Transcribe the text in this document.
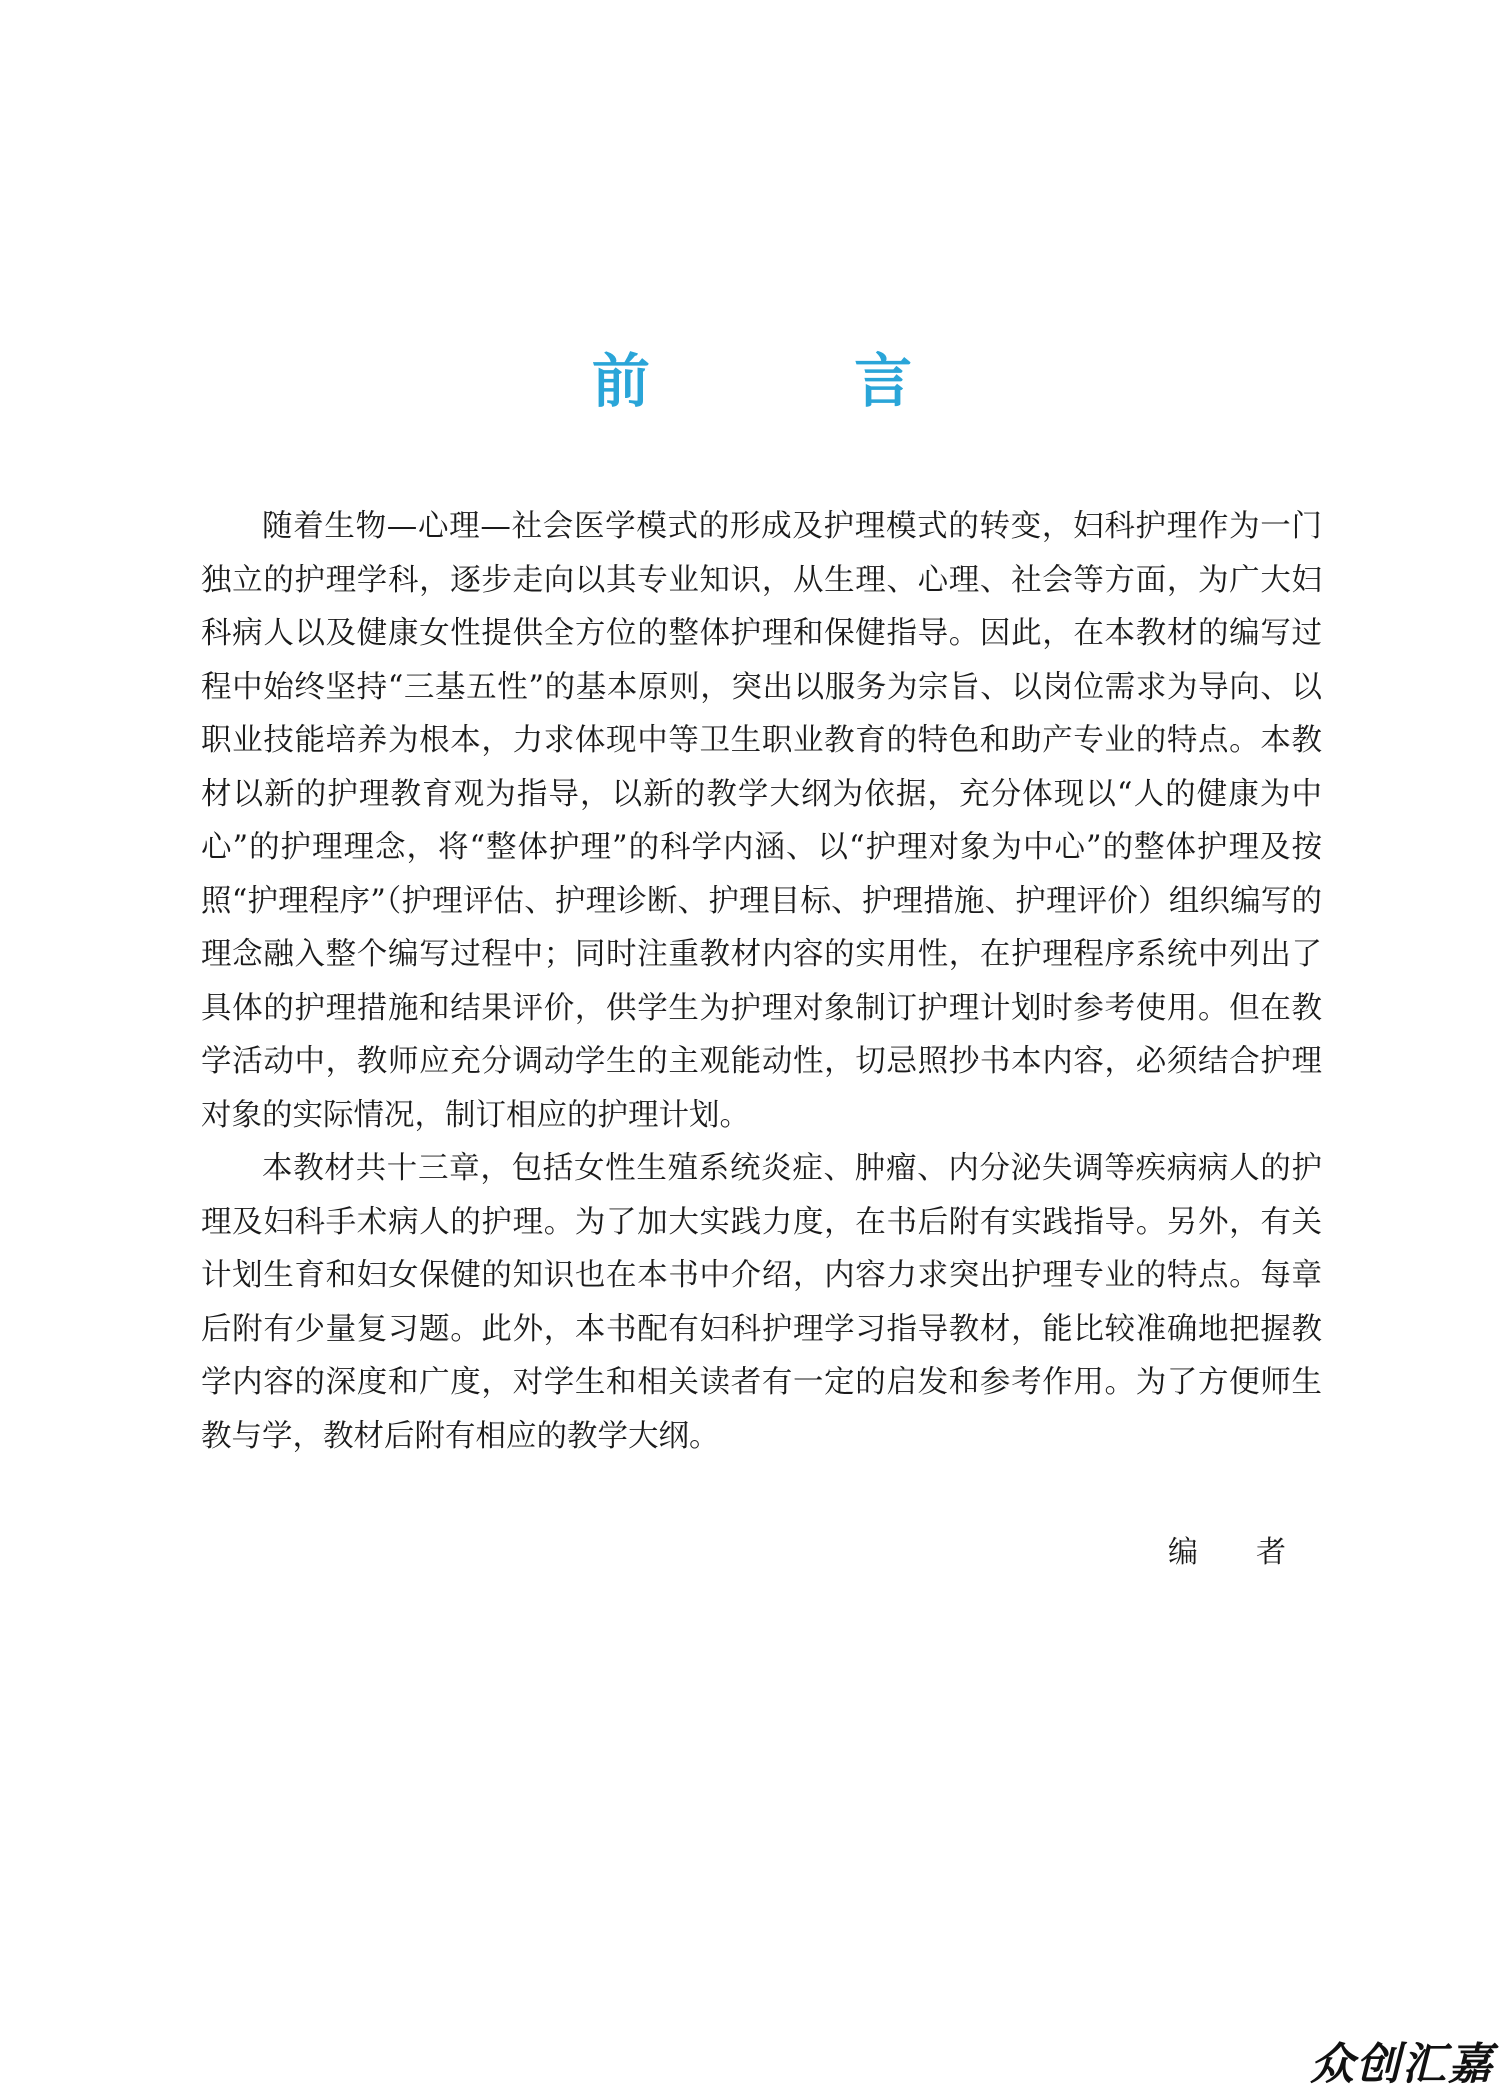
前 言

随着生物—心理—社会医学模式的形成及护理模式的转变，妇科护理作为一门独立的护理学科，逐步走向以其专业知识，从生理、心理、社会等方面，为广大妇科病人以及健康女性提供全方位的整体护理和保健指导。因此，在本教材的编写过程中始终坚持“三基五性”的基本原则，突出以服务为宗旨、以岗位需求为导向、以职业技能培养为根本，力求体现中等卫生职业教育的特色和助产专业的特点。本教材以新的护理教育观为指导，以新的教学大纲为依据，充分体现以“人的健康为中心”的护理理念，将“整体护理”的科学内涵、以“护理对象为中心”的整体护理及按照“护理程序”（护理评估、护理诊断、护理目标、护理措施、护理评价）组织编写的理念融入整个编写过程中；同时注重教材内容的实用性，在护理程序系统中列出了具体的护理措施和结果评价，供学生为护理对象制订护理计划时参考使用。但在教学活动中，教师应充分调动学生的主观能动性，切忌照抄书本内容，必须结合护理对象的实际情况，制订相应的护理计划。

本教材共十三章，包括女性生殖系统炎症、肿瘤、内分泌失调等疾病病人的护理及妇科手术病人的护理。为了加大实践力度，在书后附有实践指导。另外，有关计划生育和妇女保健的知识也在本书中介绍，内容力求突出护理专业的特点。每章后附有少量复习题。此外，本书配有妇科护理学习指导教材，能比较准确地把握教学内容的深度和广度，对学生和相关读者有一定的启发和参考作用。为了方便师生教与学，教材后附有相应的教学大纲。

编者
众创汇嘉
